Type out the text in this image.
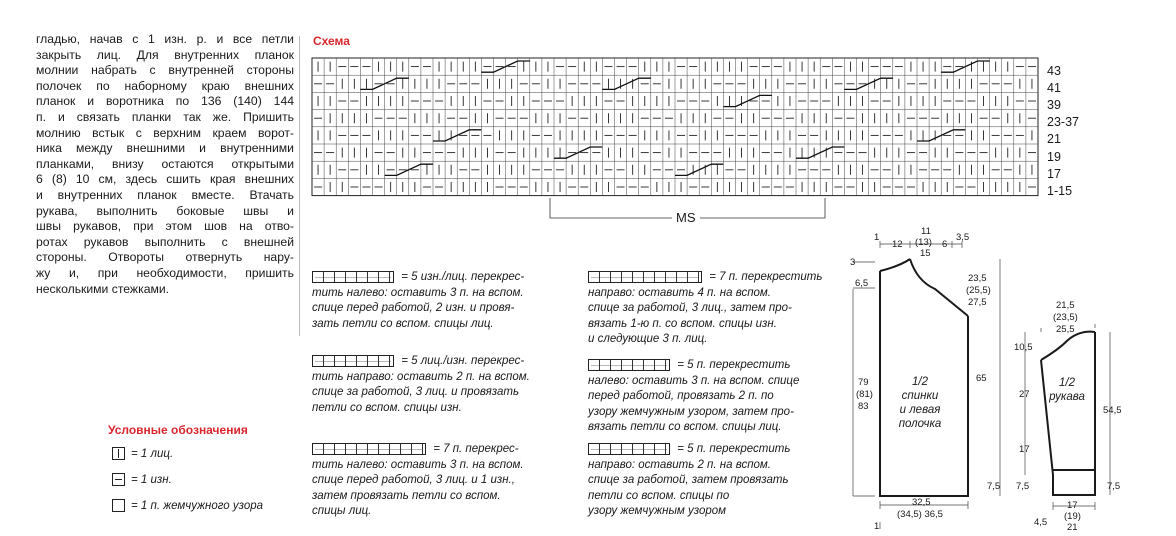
гладью, начав с 1 изн. р. и все петли
закрыть лиц. Для внутренних планок
молнии набрать с внутренней стороны
полочек по наборному краю внешних
планок и воротника по 136 (140) 144
п. и связать планки так же. Пришить
молнию встык с верхним краем ворот-
ника между внешними и внутренними
планками, внизу остаются открытыми
6 (8) 10 см, здесь сшить края внешних
и внутренних планок вместе. Втачать
рукава, выполнить боковые швы и
швы рукавов, при этом шов на отво-
ротах рукавов выполнить с внешней
стороны. Отвороты отвернуть нару-
жу и, при необходимости, пришить
несколькими стежками.
Условные обозначения
= 1 лиц.
= 1 изн.
= 1 п. жемчужного узора
Схема
43
41
39
23-37
21
19
17
1-15
MS
= 5 изн./лиц. перекрес-
тить налево: оставить 3 п. на вспом.
спице перед работой, 2 изн. и провя-
зать петли со вспом. спицы лиц.
= 5 лиц./изн. перекрес-
тить направо: оставить 2 п. на вспом.
спице за работой, 3 лиц. и провязать
петли со вспом. спицы изн.
= 7 п. перекрес-
тить налево: оставить 3 п. на вспом.
спице перед работой, 3 лиц. и 1 изн.,
затем провязать петли со вспом.
спицы лиц.
= 7 п. перекрестить
направо: оставить 4 п. на вспом.
спице за работой, 3 лиц., затем про-
вязать 1-ю п. со вспом. спицы изн.
и следующие 3 п. лиц.
= 5 п. перекрестить
налево: оставить 3 п. на вспом. спице
перед работой, провязать 2 п. по
узору жемчужным узором, затем про-
вязать петли со вспом. спицы лиц.
= 5 п. перекрестить
направо: оставить 2 п. на вспом.
спице за работой, затем провязать
петли со вспом. спицы по
узору жемчужным узором
1
12
11
(13)
15
6
3,5
3
6,5	23,5
(25,5)
27,5
79
(81)
83
65
32,5
(34,5) 36,5
1
7,5
1/2
спинки
и левая
полочка
21,5
(23,5)
25,5
10,5
27
17
7,5
54,5
7,5
17
(19)
21
4,5
1/2
рукава
